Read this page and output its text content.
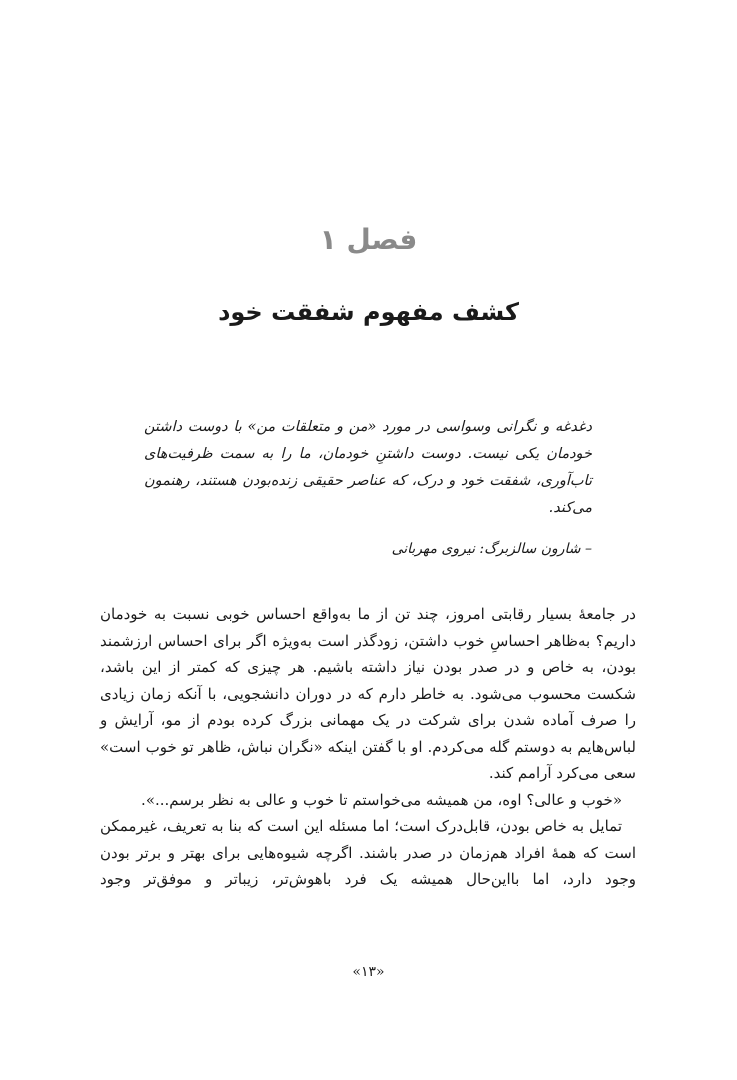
فصل ۱
کشف مفهوم شفقت خود
دغدغه و نگرانی وسواسی در مورد «من و متعلقات من» با دوست داشتن خودمان یکی نیست. دوست داشتنِ خودمان، ما را به سمت ظرفیت‌های تاب‌آوری، شفقت خود و درک، که عناصر حقیقی زنده‌بودن هستند، رهنمون می‌کند.
– شارون سالزبرگ: نیروی مهربانی

در جامعهٔ بسیار رقابتی امروز، چند تن از ما به‌واقع احساس خوبی نسبت به خودمان داریم؟ به‌ظاهر احساسِ خوب داشتن، زودگذر است به‌ویژه اگر برای احساس ارزشمند بودن، به خاص و در صدر بودن نیاز داشته باشیم. هر چیزی که کمتر از این باشد، شکست محسوب می‌شود. به خاطر دارم که در دوران دانشجویی، با آنکه زمان زیادی را صرف آماده شدن برای شرکت در یک مهمانی بزرگ کرده بودم از مو، آرایش و لباس‌هایم به دوستم گله می‌کردم. او با گفتن اینکه «نگران نباش، ظاهر تو خوب است» سعی می‌کرد آرامم کند.

«خوب و عالی؟ اوه، من همیشه می‌خواستم تا خوب و عالی به نظر برسم...».

تمایل به خاص بودن، قابل‌درک است؛ اما مسئله این است که بنا به تعریف، غیرممکن است که همهٔ افراد هم‌زمان در صدر باشند. اگرچه شیوه‌هایی برای بهتر و برتر بودن وجود دارد، اما بااین‌حال همیشه یک فرد باهوش‌تر، زیباتر و موفق‌تر وجود

«۱۳»
